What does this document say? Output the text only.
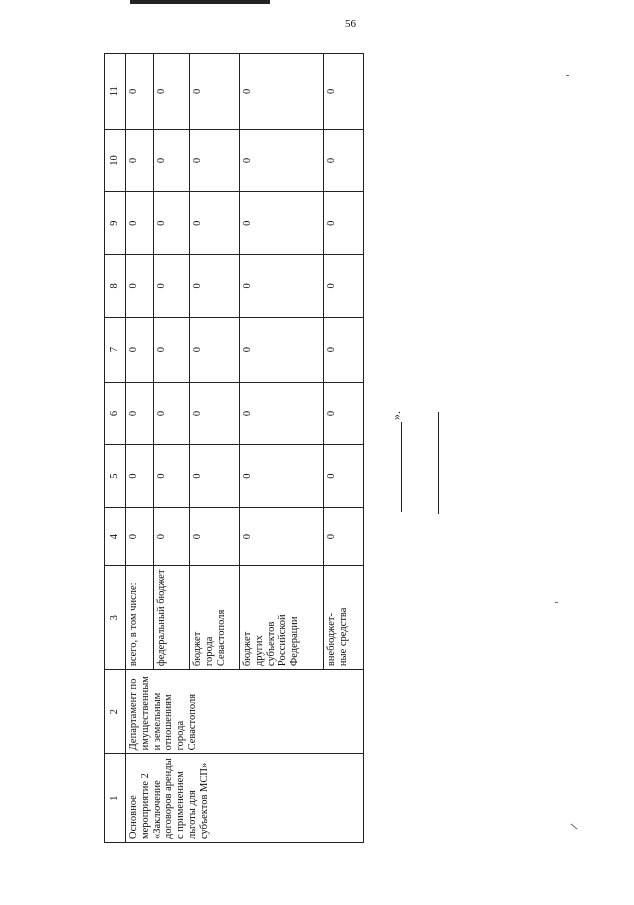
56
1	2	3	4	5	6	7	8	9	10	11
Основное мероприятие 2 «Заключение договоров аренды с применением льготы для субъектов МСП»	Департамент по имущественным и земельным отношениям города Севастополя	всего, в том числе:	0	0	0	0	0	0	0	0
		федеральный бюджет	0	0	0	0	0	0	0	0
		бюджет
города
Севастополя	0	0	0	0	0	0	0	0
		бюджет
других
субъектов
Российской
Федерации	0	0	0	0	0	0	0	0
		внебюджет-
ные средства	0	0	0	0	0	0	0	0
».
